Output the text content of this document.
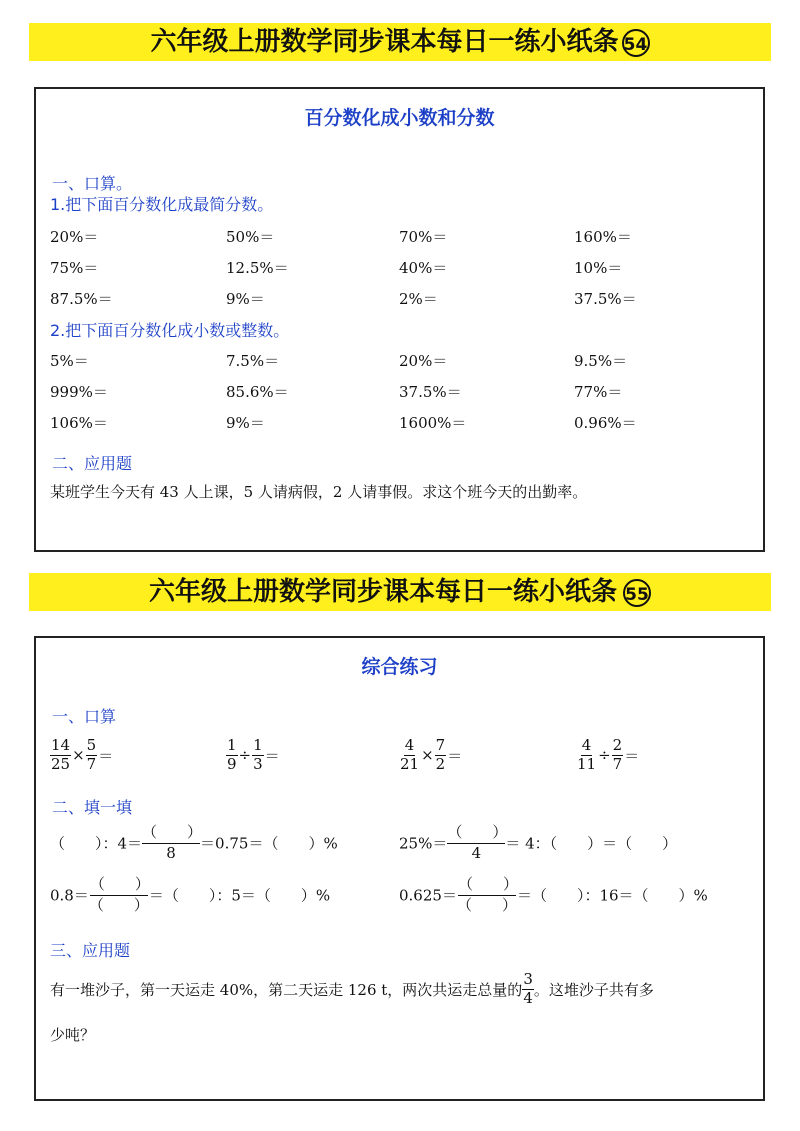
六年级上册数学同步课本每日一练小纸条 54
百分数化成小数和分数
一、口算。
1.把下面百分数化成最简分数。
20%＝	50%＝	70%＝	160%＝
75%＝	12.5%＝	40%＝	10%＝
87.5%＝	9%＝	2%＝	37.5%＝
2.把下面百分数化成小数或整数。
5%＝	7.5%＝	20%＝	9.5%＝
999%＝	85.6%＝	37.5%＝	77%＝
106%＝	9%＝	1600%＝	0.96%＝
二、应用题
某班学生今天有 43 人上课，5 人请病假，2 人请事假。求这个班今天的出勤率。
六年级上册数学同步课本每日一练小纸条 55
综合练习
一、口算
$\frac{14}{25} \times \frac{5}{7}$ ＝	$\frac{1}{9} \div \frac{1}{3}$ ＝	$\frac{4}{21} \times \frac{7}{2}$ ＝	$\frac{4}{11} \div \frac{2}{7}$ ＝
二、填一填
（　　）：$4= \frac{( )}{8} =0.75=$（　　）%	$25\%= \frac{( )}{4} = 4$：（　　）＝（　　）
$0.8= \frac{( )}{( )}$ ＝（　　）：5＝（　　）%	$0.625= \frac{( )}{( )}$ ＝（　　）：16＝（　　）%
三、应用题
有一堆沙子，第一天运走 40%，第二天运走 126 t，两次共运走总量的 $\frac{3}{4}$ 。这堆沙子共有多
少吨？
